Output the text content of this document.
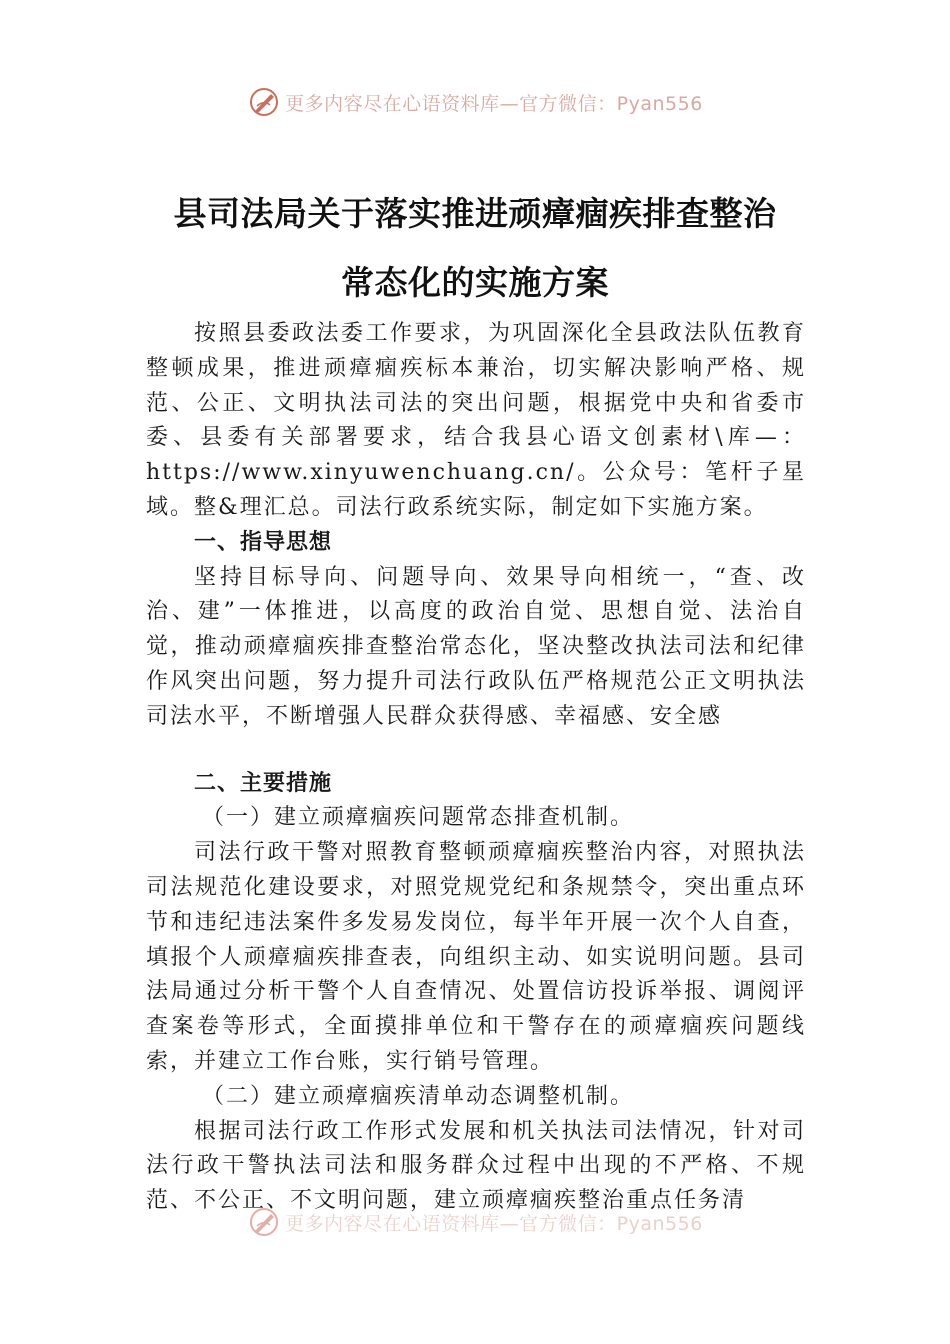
更多内容尽在心语资料库—官方微信：Pyan556
县司法局关于落实推进顽瘴痼疾排查整治
常态化的实施方案

按照县委政法委工作要求，为巩固深化全县政法队伍教育整顿成果，推进顽瘴痼疾标本兼治，切实解决影响严格、规范、公正、文明执法司法的突出问题，根据党中央和省委市委、县委有关部署要求，结合我县心语文创素材\库—：https://www.xinyuwenchuang.cn/。公众号：笔杆子星域。整&理汇总。司法行政系统实际，制定如下实施方案。

一、指导思想

坚持目标导向、问题导向、效果导向相统一，“查、改治、建”一体推进，以高度的政治自觉、思想自觉、法治自觉，推动顽瘴痼疾排查整治常态化，坚决整改执法司法和纪律作风突出问题，努力提升司法行政队伍严格规范公正文明执法司法水平，不断增强人民群众获得感、幸福感、安全感

二、主要措施

（一）建立顽瘴痼疾问题常态排查机制。

司法行政干警对照教育整顿顽瘴痼疾整治内容，对照执法司法规范化建设要求，对照党规党纪和条规禁令，突出重点环节和违纪违法案件多发易发岗位，每半年开展一次个人自查，填报个人顽瘴痼疾排查表，向组织主动、如实说明问题。县司法局通过分析干警个人自查情况、处置信访投诉举报、调阅评查案卷等形式，全面摸排单位和干警存在的顽瘴痼疾问题线索，并建立工作台账，实行销号管理。

（二）建立顽瘴痼疾清单动态调整机制。

根据司法行政工作形式发展和机关执法司法情况，针对司法行政干警执法司法和服务群众过程中出现的不严格、不规范、不公正、不文明问题，建立顽瘴痼疾整治重点任务清

更多内容尽在心语资料库—官方微信：Pyan556
